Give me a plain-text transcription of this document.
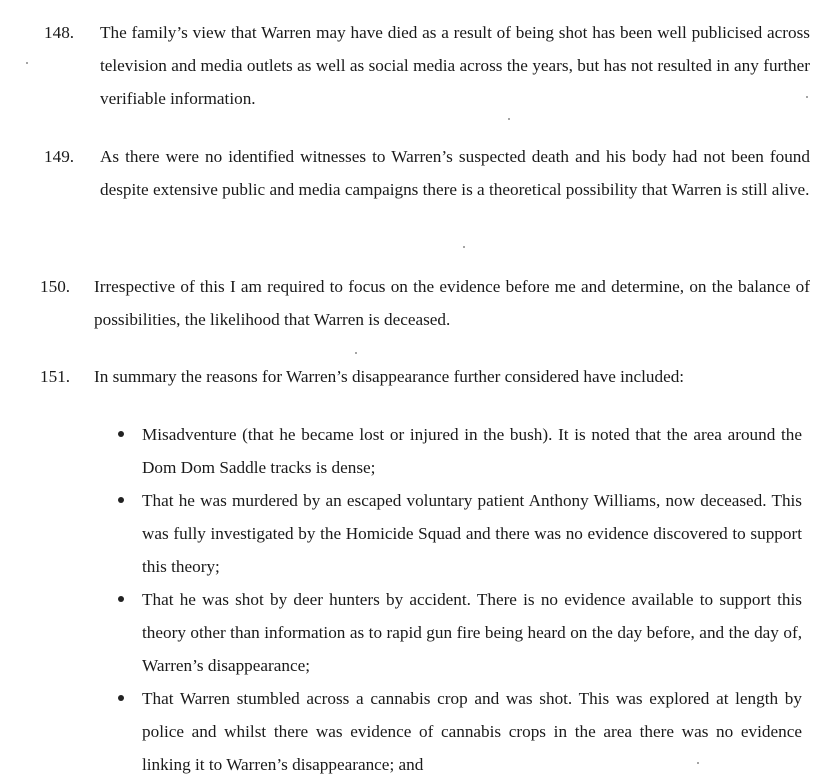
148.	The family’s view that Warren may have died as a result of being shot has been well publicised across television and media outlets as well as social media across the years, but has not resulted in any further verifiable information.
149.	As there were no identified witnesses to Warren’s suspected death and his body had not been found despite extensive public and media campaigns there is a theoretical possibility that Warren is still alive.
150.	Irrespective of this I am required to focus on the evidence before me and determine, on the balance of possibilities, the likelihood that Warren is deceased.
151.	In summary the reasons for Warren’s disappearance further considered have included:
Misadventure (that he became lost or injured in the bush). It is noted that the area around the Dom Dom Saddle tracks is dense;
That he was murdered by an escaped voluntary patient Anthony Williams, now deceased. This was fully investigated by the Homicide Squad and there was no evidence discovered to support this theory;
That he was shot by deer hunters by accident. There is no evidence available to support this theory other than information as to rapid gun fire being heard on the day before, and the day of, Warren’s disappearance;
That Warren stumbled across a cannabis crop and was shot. This was explored at length by police and whilst there was evidence of cannabis crops in the area there was no evidence linking it to Warren’s disappearance; and
